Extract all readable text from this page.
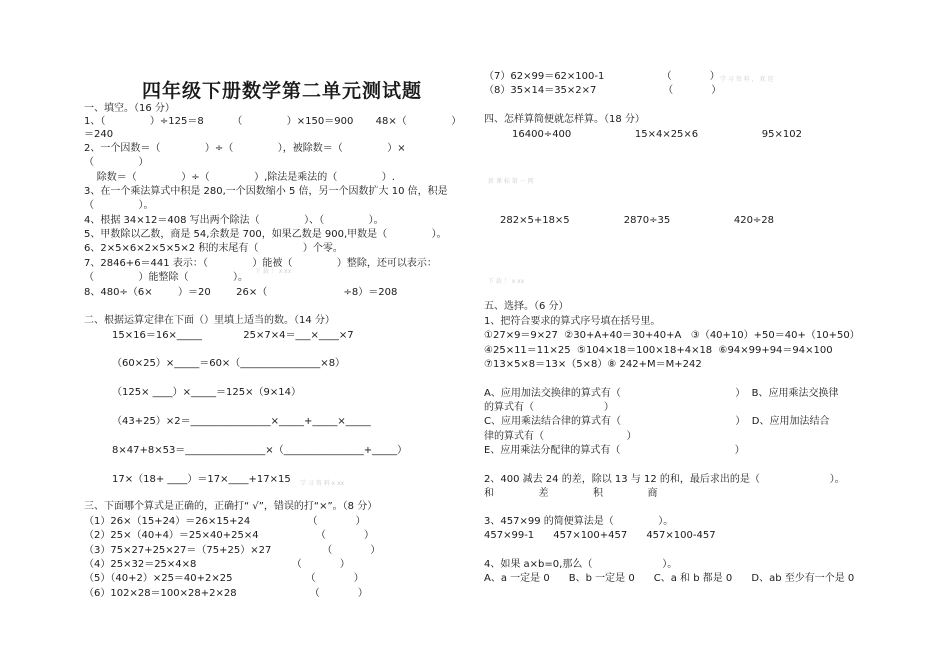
四年级下册数学第二单元测试题
一、填空。（16 分）
1、（              ）÷125＝8         （              ）×150＝900       48×（              ）
＝240
2、一个因数＝（              ）÷（              ），被除数＝（              ）×
（              ）
除数＝（              ）÷（              ）,除法是乘法的（              ）.
3、在一个乘法算式中积是 280,一个因数缩小 5 倍，另一个因数扩大 10 倍，积是
（              ）。
4、根据 34×12＝408 写出两个除法（              ）、（              ）。
5、甲数除以乙数，商是 54,余数是 700，如果乙数是 900,甲数是（              ）。
6、2×5×6×2×5×5×2 积的末尾有（              ）个零。
7、2846+6＝441 表示：（              ）能被（              ）整除，还可以表示：
（              ）能整除（              ）。
8、480÷（6×        ）＝20        26×（                        ÷8）＝208
二、根据运算定律在下面（）里填上适当的数。（14 分）
15×16＝16×_____             25×7×4＝___×____×7
（60×25）×_____＝60×（________________×8）
（125× ____）×_____＝125×（9×14）
（43+25）×2＝________________×_____+_____×_____
8×47+8×53＝________________×（________________+_____）
17×（18+ ____）＝17×____+17×15
三、下面哪个算式是正确的，正确打“ √”，错误的打“×”。（8 分）
（1）26×（15+24）＝26×15+24                  （            ）
（2）25×（40+4）＝25×40+25×4                  （            ）
（3）75×27+25×27＝（75+25）×27                （            ）
（4）25×32＝25×4×8                              （            ）
（5）（40+2）×25＝40+2×25                       （            ）
（6）102×28＝100×28+2×28                       （            ）
（7）62×99＝62×100-1                  （            ）
（8）35×14＝35×2×7                     （            ）
四、怎样算简便就怎样算。（18 分）
16400÷400                    15×4×25×6                    95×102
282×5+18×5                 2870÷35                    420÷28
五、选择。（6 分）
1、把符合要求的算式序号填在括号里。
①27×9＝9×27  ②30+A+40＝30+40+A   ③（40+10）+50＝40+（10+50）
④25×11＝11×25  ⑤104×18＝100×18+4×18  ⑥94×99+94＝94×100
⑦13×5×8＝13×（5×8）⑧ 242+M＝M+242
A、应用加法交换律的算式有（                                    ）  B、应用乘法交换律
的算式有（                      ）
C、应用乘法结合律的算式有（                                    ）  D、应用加法结合
律的算式有（                          ）
E、应用乘法分配律的算式有（                                    ）
2、400 减去 24 的差，除以 13 与 12 的和，最后求出的是（                      ）。
和              差              积              商
3、457×99 的简便算法是（              ）。
457×99-1      457×100+457      457×100-457
4、如果 a×b=0,那么（                      ）。
A、a 一定是 0      B、b 一定是 0      C、a 和 b 都是 0      D、ab 至少有一个是 0
学 习 资 料 ， 欢 迎
新 课 标 第 一 网
下 载 ！ x xx
下 载 ！ x xx
学 习 资 料 x xx
